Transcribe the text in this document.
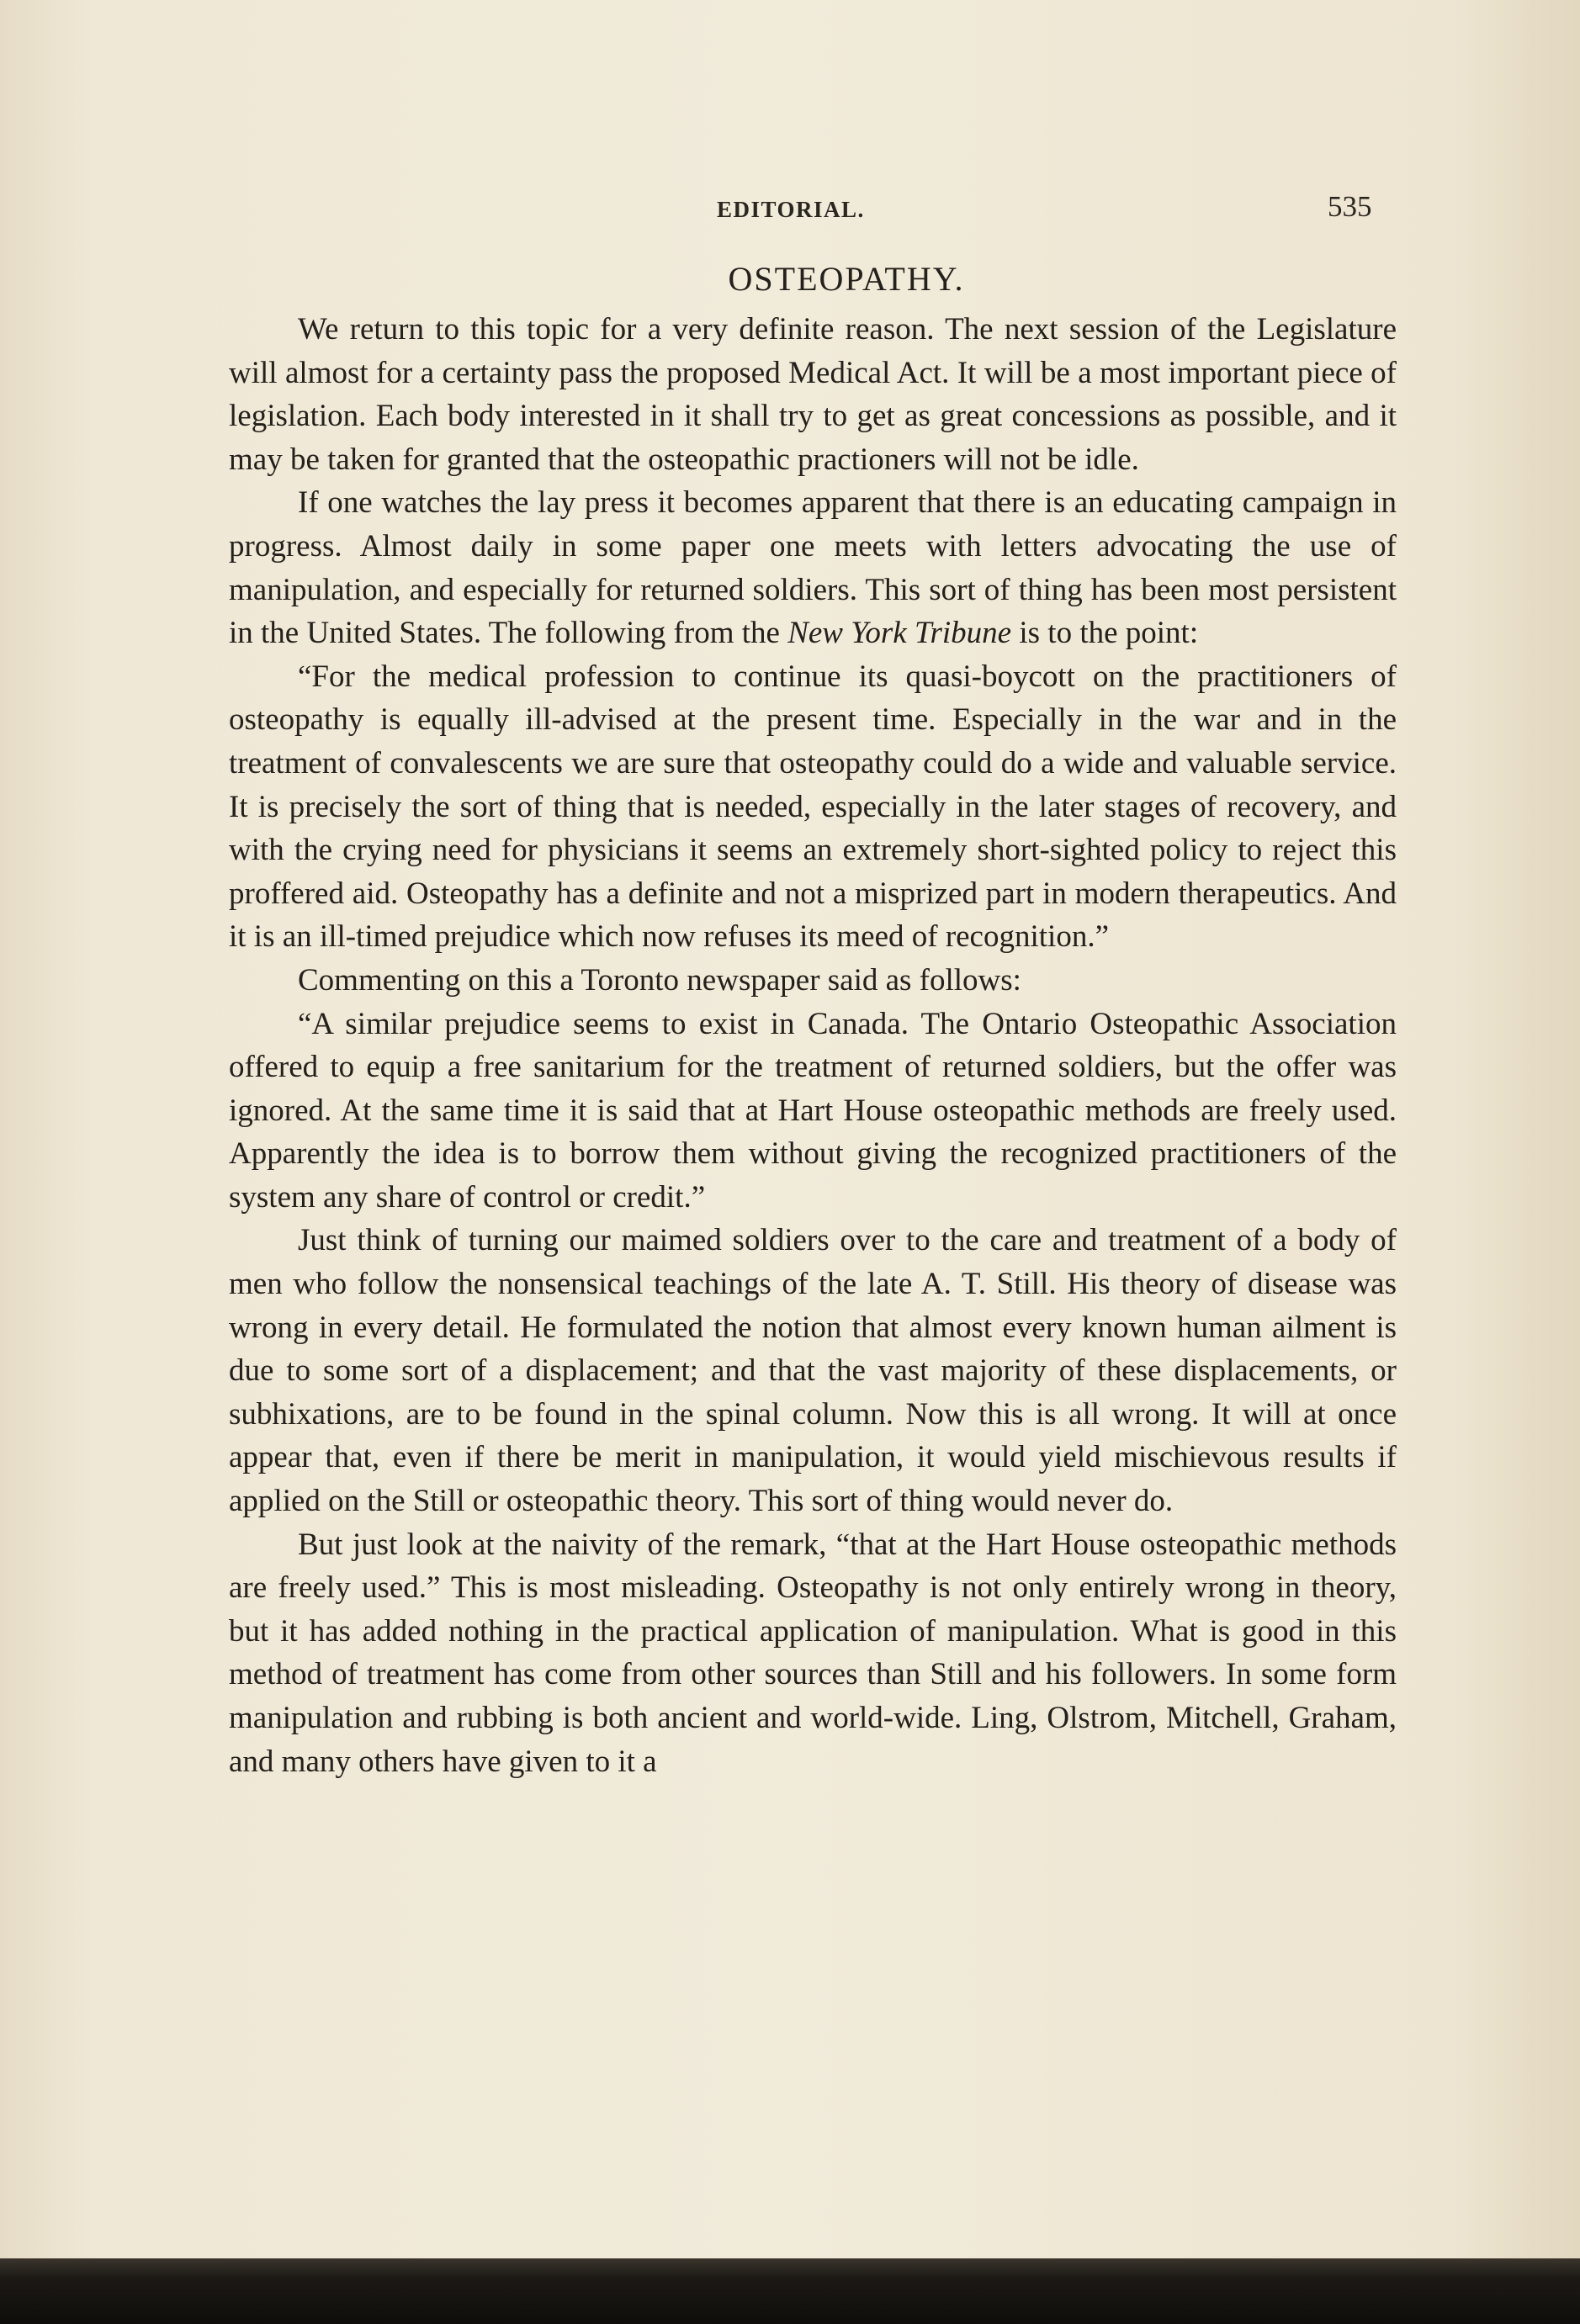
EDITORIAL.	535
OSTEOPATHY.

We return to this topic for a very definite reason. The next session of the Legislature will almost for a certainty pass the proposed Medical Act. It will be a most important piece of legislation. Each body interested in it shall try to get as great concessions as possible, and it may be taken for granted that the osteopathic practioners will not be idle.

If one watches the lay press it becomes apparent that there is an educating campaign in progress. Almost daily in some paper one meets with letters advocating the use of manipulation, and especially for returned soldiers. This sort of thing has been most persistent in the United States. The following from the New York Tribune is to the point:

“For the medical profession to continue its quasi-boycott on the practitioners of osteopathy is equally ill-advised at the present time. Especially in the war and in the treatment of convalescents we are sure that osteopathy could do a wide and valuable service. It is precisely the sort of thing that is needed, especially in the later stages of recovery, and with the crying need for physicians it seems an extremely short-sighted policy to reject this proffered aid. Osteopathy has a definite and not a misprized part in modern therapeutics. And it is an ill-timed prejudice which now refuses its meed of recognition.”

Commenting on this a Toronto newspaper said as follows:

“A similar prejudice seems to exist in Canada. The Ontario Osteopathic Association offered to equip a free sanitarium for the treatment of returned soldiers, but the offer was ignored. At the same time it is said that at Hart House osteopathic methods are freely used. Apparently the idea is to borrow them without giving the recognized practitioners of the system any share of control or credit.”

Just think of turning our maimed soldiers over to the care and treatment of a body of men who follow the nonsensical teachings of the late A. T. Still. His theory of disease was wrong in every detail. He formulated the notion that almost every known human ailment is due to some sort of a displacement; and that the vast majority of these displacements, or subhixations, are to be found in the spinal column. Now this is all wrong. It will at once appear that, even if there be merit in manipulation, it would yield mischievous results if applied on the Still or osteopathic theory. This sort of thing would never do.

But just look at the naivity of the remark, “that at the Hart House osteopathic methods are freely used.” This is most misleading. Osteopathy is not only entirely wrong in theory, but it has added nothing in the practical application of manipulation. What is good in this method of treatment has come from other sources than Still and his followers. In some form manipulation and rubbing is both ancient and world-wide. Ling, Olstrom, Mitchell, Graham, and many others have given to it a
